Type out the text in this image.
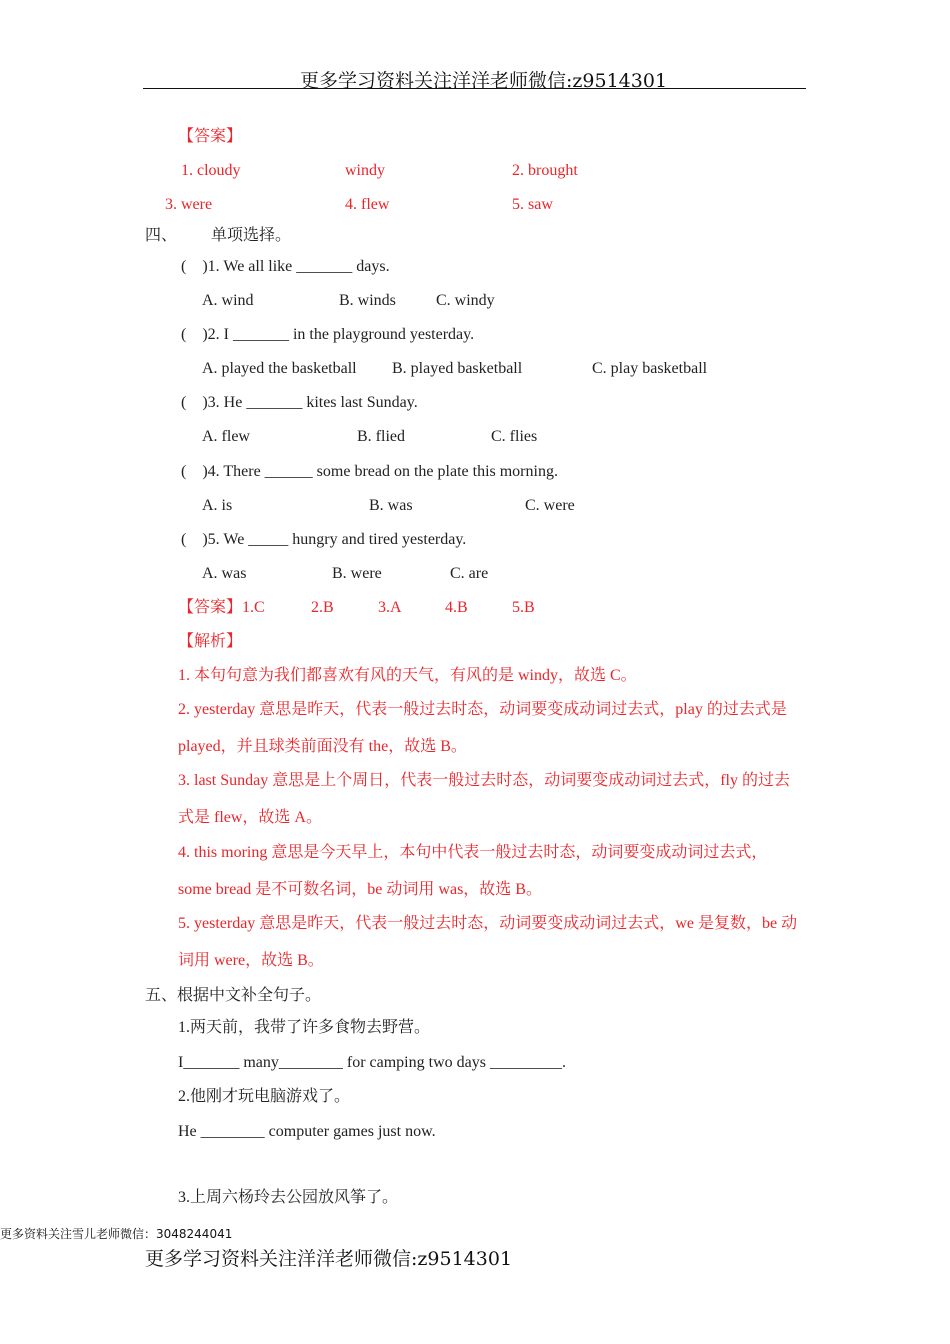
更多学习资料关注洋洋老师微信:z9514301
【答案】
1. cloudy	windy	2. brought
3. were	4. flew	5. saw
四、 单项选择。
(    )1. We all like _______ days.
A. wind	B. winds	C. windy
(    )2. I _______ in the playground yesterday.
A. played the basketball B. played basketball	C. play basketball
(    )3. He _______ kites last Sunday.
A. flew	B. flied	C. flies
(    )4. There ______ some bread on the plate this morning.
A. is	B. was	C. were
(    )5. We _____ hungry and tired yesterday.
A. was	B. were	C. are
【答案】1.C	2.B	3.A	4.B	5.B
【解析】
1. 本句句意为我们都喜欢有风的天气，有风的是 windy，故选 C。
2. yesterday 意思是昨天，代表一般过去时态，动词要变成动词过去式，play 的过去式是
played，并且球类前面没有 the，故选 B。
3. last Sunday 意思是上个周日，代表一般过去时态，动词要变成动词过去式，fly 的过去
式是 flew，故选 A。
4. this moring 意思是今天早上，本句中代表一般过去时态，动词要变成动词过去式，
some bread 是不可数名词，be 动词用 was，故选 B。
5. yesterday 意思是昨天，代表一般过去时态，动词要变成动词过去式，we 是复数，be 动
词用 were，故选 B。
五、根据中文补全句子。
1.两天前，我带了许多食物去野营。
I_______ many________ for camping two days _________.
2.他刚才玩电脑游戏了。
He ________ computer games just now.
3.上周六杨玲去公园放风筝了。
更多资料关注雪儿老师微信：3048244041
更多学习资料关注洋洋老师微信:z9514301
